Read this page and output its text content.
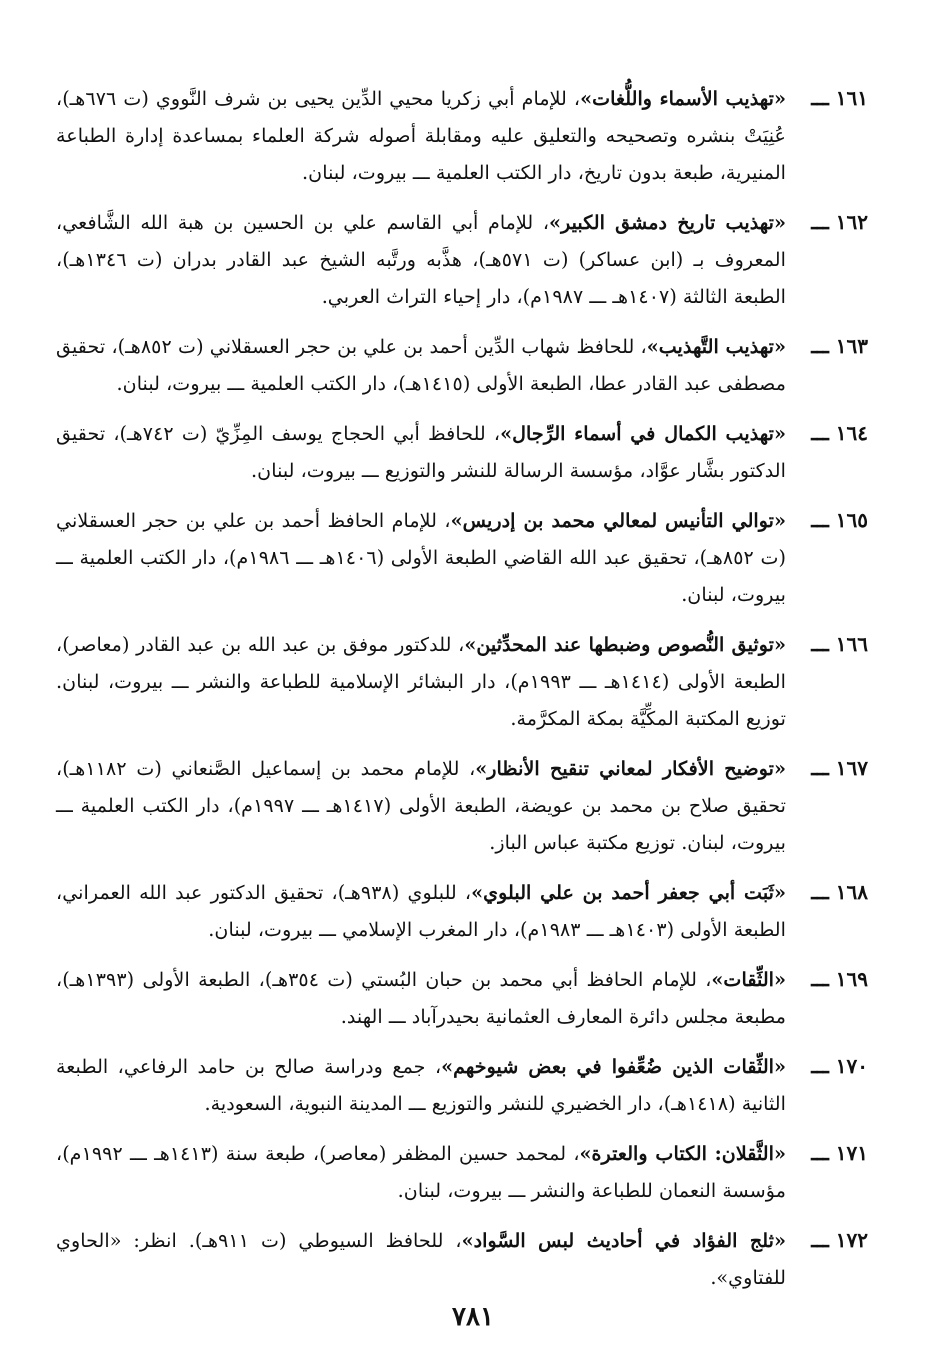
١٦١ ـــ
«تهذيب الأسماء واللُّغات»، للإمام أبي زكريا محيي الدِّين يحيى بن شرف النَّووي (ت ٦٧٦هـ)، عُنِيَتْ بنشره وتصحيحه والتعليق عليه ومقابلة أصوله شركة العلماء بمساعدة إدارة الطباعة المنيرية، طبعة بدون تاريخ، دار الكتب العلمية ـــ بيروت، لبنان.
١٦٢ ـــ
«تهذيب تاريخ دمشق الكبير»، للإمام أبي القاسم علي بن الحسين بن هبة الله الشَّافعي، المعروف بـ (ابن عساكر) (ت ٥٧١هـ)، هذَّبه ورتَّبه الشيخ عبد القادر بدران (ت ١٣٤٦هـ)، الطبعة الثالثة (١٤٠٧هـ ـــ ١٩٨٧م)، دار إحياء التراث العربي.
١٦٣ ـــ
«تهذيب التَّهذيب»، للحافظ شهاب الدِّين أحمد بن علي بن حجر العسقلاني (ت ٨٥٢هـ)، تحقيق مصطفى عبد القادر عطا، الطبعة الأولى (١٤١٥هـ)، دار الكتب العلمية ـــ بيروت، لبنان.
١٦٤ ـــ
«تهذيب الكمال في أسماء الرِّجال»، للحافظ أبي الحجاج يوسف المِزِّيّ (ت ٧٤٢هـ)، تحقيق الدكتور بشَّار عوَّاد، مؤسسة الرسالة للنشر والتوزيع ـــ بيروت، لبنان.
١٦٥ ـــ
«توالي التأنيس لمعالي محمد بن إدريس»، للإمام الحافظ أحمد بن علي بن حجر العسقلاني (ت ٨٥٢هـ)، تحقيق عبد الله القاضي الطبعة الأولى (١٤٠٦هـ ـــ ١٩٨٦م)، دار الكتب العلمية ـــ بيروت، لبنان.
١٦٦ ـــ
«توثيق النُّصوص وضبطها عند المحدِّثين»، للدكتور موفق بن عبد الله بن عبد القادر (معاصر)، الطبعة الأولى (١٤١٤هـ ـــ ١٩٩٣م)، دار البشائر الإسلامية للطباعة والنشر ـــ بيروت، لبنان. توزيع المكتبة المكِّيَّة بمكة المكرَّمة.
١٦٧ ـــ
«توضيح الأفكار لمعاني تنقيح الأنظار»، للإمام محمد بن إسماعيل الصَّنعاني (ت ١١٨٢هـ)، تحقيق صلاح بن محمد بن عويضة، الطبعة الأولى (١٤١٧هـ ـــ ١٩٩٧م)، دار الكتب العلمية ـــ بيروت، لبنان. توزيع مكتبة عباس الباز.
١٦٨ ـــ
«ثَبَت أبي جعفر أحمد بن علي البلوي»، للبلوي (٩٣٨هـ)، تحقيق الدكتور عبد الله العمراني، الطبعة الأولى (١٤٠٣هـ ـــ ١٩٨٣م)، دار المغرب الإسلامي ـــ بيروت، لبنان.
١٦٩ ـــ
«الثِّقات»، للإمام الحافظ أبي محمد بن حبان البُستي (ت ٣٥٤هـ)، الطبعة الأولى (١٣٩٣هـ)، مطبعة مجلس دائرة المعارف العثمانية بحيدرآباد ـــ الهند.
١٧٠ ـــ
«الثِّقات الذين ضُعِّفوا في بعض شيوخهم»، جمع ودراسة صالح بن حامد الرفاعي، الطبعة الثانية (١٤١٨هـ)، دار الخضيري للنشر والتوزيع ـــ المدينة النبوية، السعودية.
١٧١ ـــ
«الثَّقلان: الكتاب والعترة»، لمحمد حسين المظفر (معاصر)، طبعة سنة (١٤١٣هـ ـــ ١٩٩٢م)، مؤسسة النعمان للطباعة والنشر ـــ بيروت، لبنان.
١٧٢ ـــ
«ثلج الفؤاد في أحاديث لبس السَّواد»، للحافظ السيوطي (ت ٩١١هـ). انظر: «الحاوي للفتاوي».
٧٨١
